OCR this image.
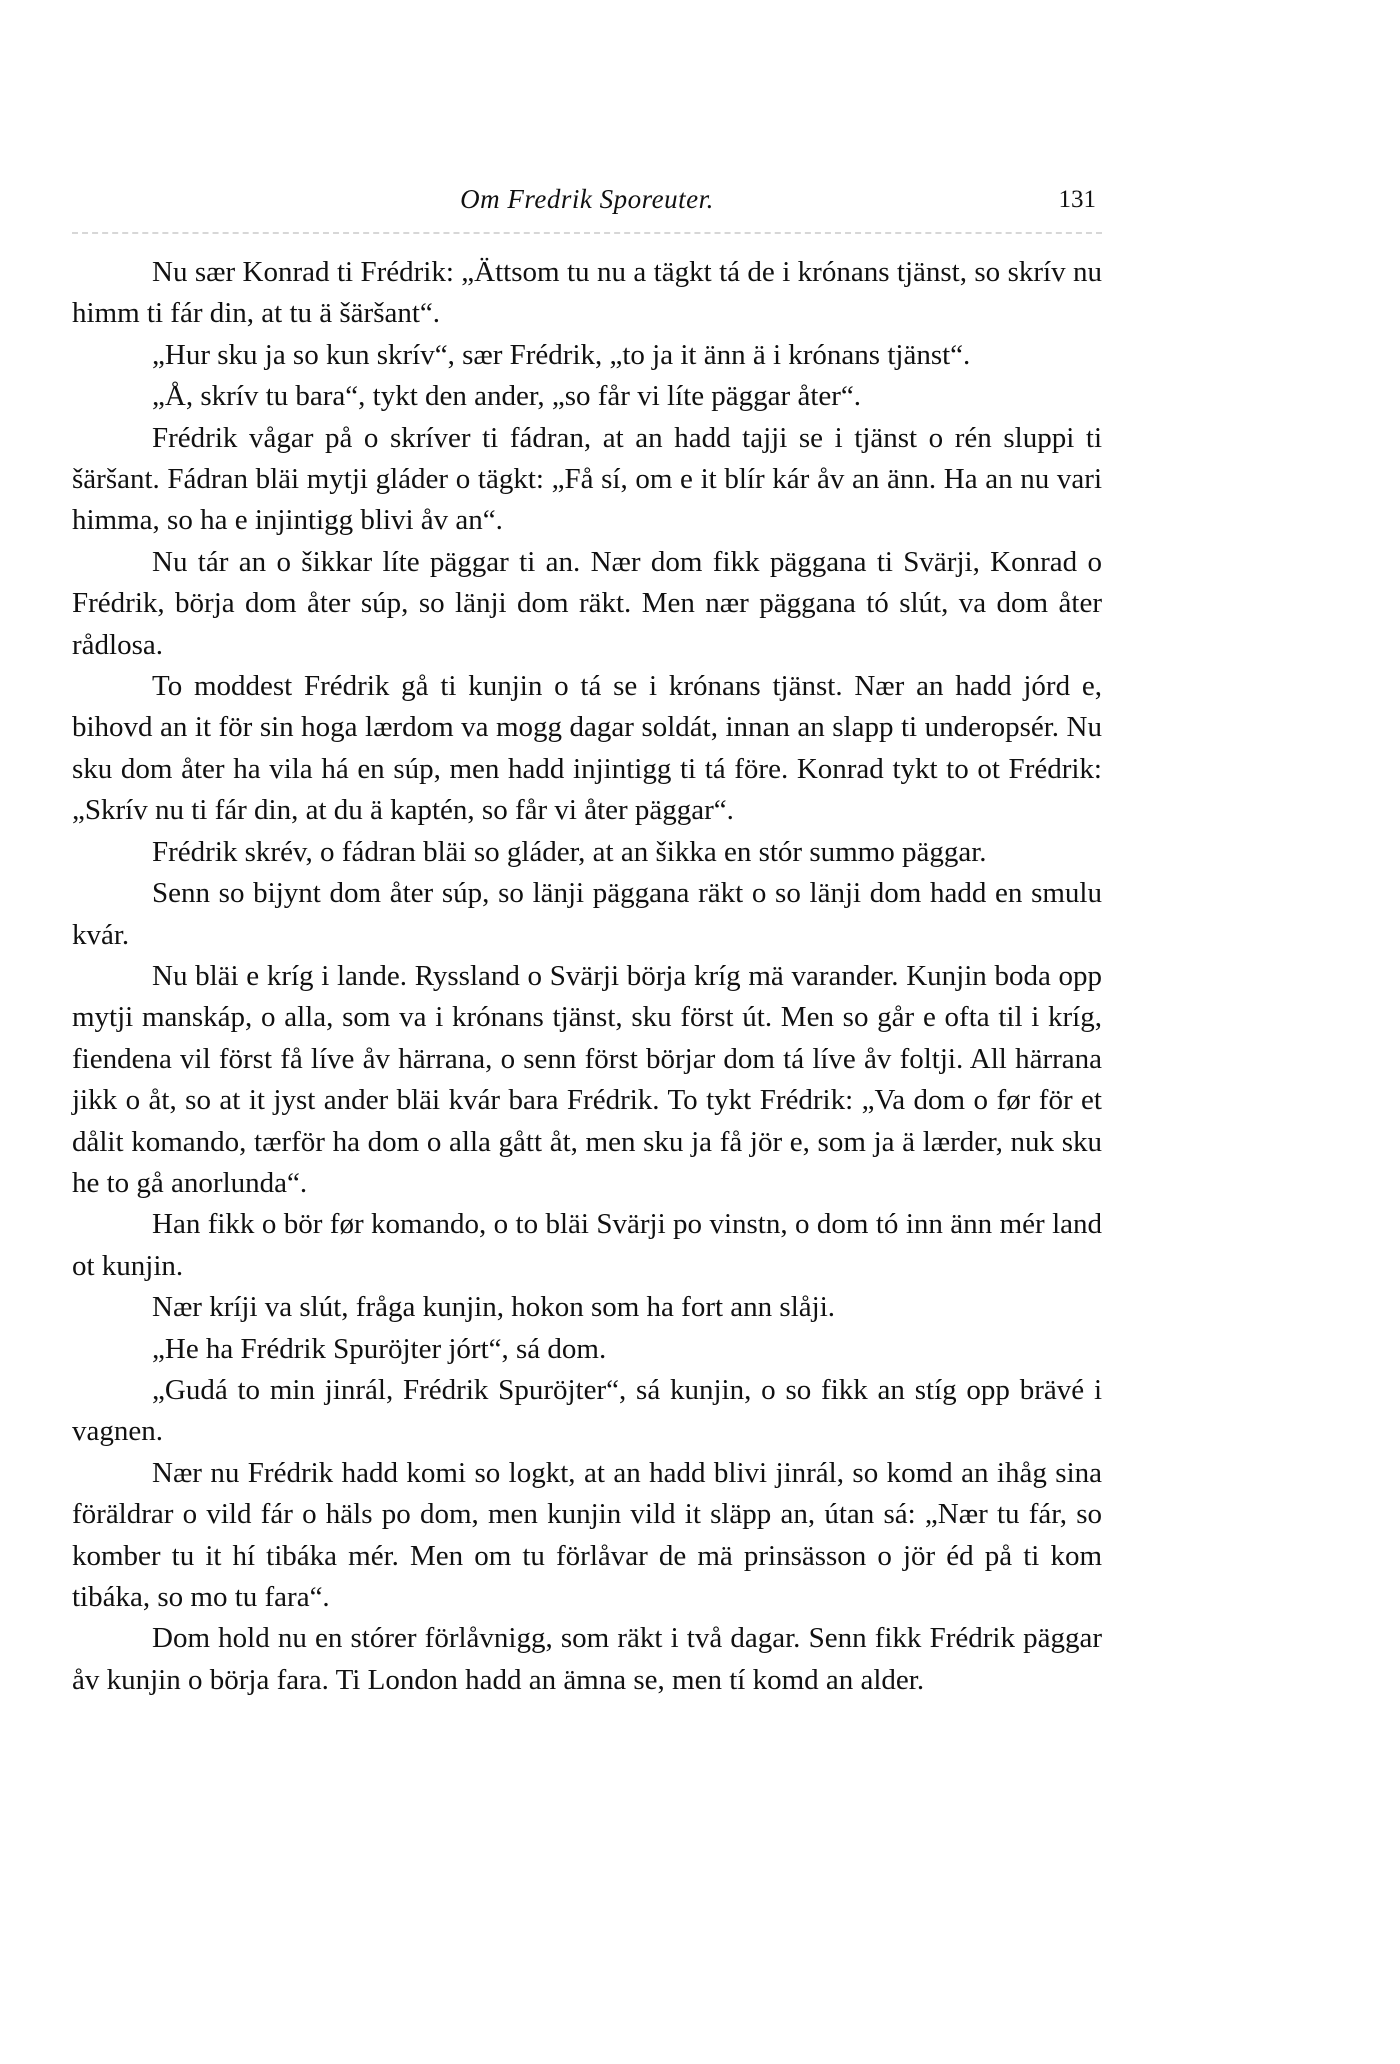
Om Fredrik Sporeuter.	131

Nu sær Konrad ti Frédrik: „Ättsom tu nu a tägkt tá de i krónans tjänst, so skrív nu himm ti fár din, at tu ä šäršant“.

„Hur sku ja so kun skrív“, sær Frédrik, „to ja it änn ä i krónans tjänst“.

„Å, skrív tu bara“, tykt den ander, „so får vi líte päggar åter“.

Frédrik vågar på o skríver ti fádran, at an hadd tajji se i tjänst o rén sluppi ti šäršant. Fádran bläi mytji gláder o tägkt: „Få sí, om e it blír kár åv an änn. Ha an nu vari himma, so ha e injintigg blivi åv an“.

Nu tár an o šikkar líte päggar ti an. Nær dom fikk päggana ti Svärji, Konrad o Frédrik, börja dom åter súp, so länji dom räkt. Men nær päggana tó slút, va dom åter rådlosa.

To moddest Frédrik gå ti kunjin o tá se i krónans tjänst. Nær an hadd jórd e, bihovd an it för sin hoga lærdom va mogg dagar soldát, innan an slapp ti underopsér. Nu sku dom åter ha vila há en súp, men hadd injintigg ti tá före. Konrad tykt to ot Frédrik: „Skrív nu ti fár din, at du ä kaptén, so får vi åter päggar“.

Frédrik skrév, o fádran bläi so gláder, at an šikka en stór summo päggar.

Senn so bijynt dom åter súp, so länji päggana räkt o so länji dom hadd en smulu kvár.

Nu bläi e kríg i lande. Ryssland o Svärji börja kríg mä varander. Kunjin boda opp mytji manskáp, o alla, som va i krónans tjänst, sku först út. Men so går e ofta til i kríg, fiendena vil först få líve åv härrana, o senn först börjar dom tá líve åv foltji. All härrana jikk o åt, so at it jyst ander bläi kvár bara Frédrik. To tykt Frédrik: „Va dom o før för et dålit komando, tærför ha dom o alla gått åt, men sku ja få jör e, som ja ä lærder, nuk sku he to gå anorlunda“.

Han fikk o bör før komando, o to bläi Svärji po vinstn, o dom tó inn änn mér land ot kunjin.

Nær kríji va slút, fråga kunjin, hokon som ha fort ann slåji.

„He ha Frédrik Spuröjter jórt“, sá dom.

„Gudá to min jinrál, Frédrik Spuröjter“, sá kunjin, o so fikk an stíg opp brävé i vagnen.

Nær nu Frédrik hadd komi so logkt, at an hadd blivi jinrál, so komd an ihåg sina föräldrar o vild fár o häls po dom, men kunjin vild it släpp an, útan sá: „Nær tu fár, so komber tu it hí tibáka mér. Men om tu förlåvar de mä prinsässon o jör éd på ti kom tibáka, so mo tu fara“.

Dom hold nu en stórer förlåvnigg, som räkt i två dagar. Senn fikk Frédrik päggar åv kunjin o börja fara. Ti London hadd an ämna se, men tí komd an alder.
